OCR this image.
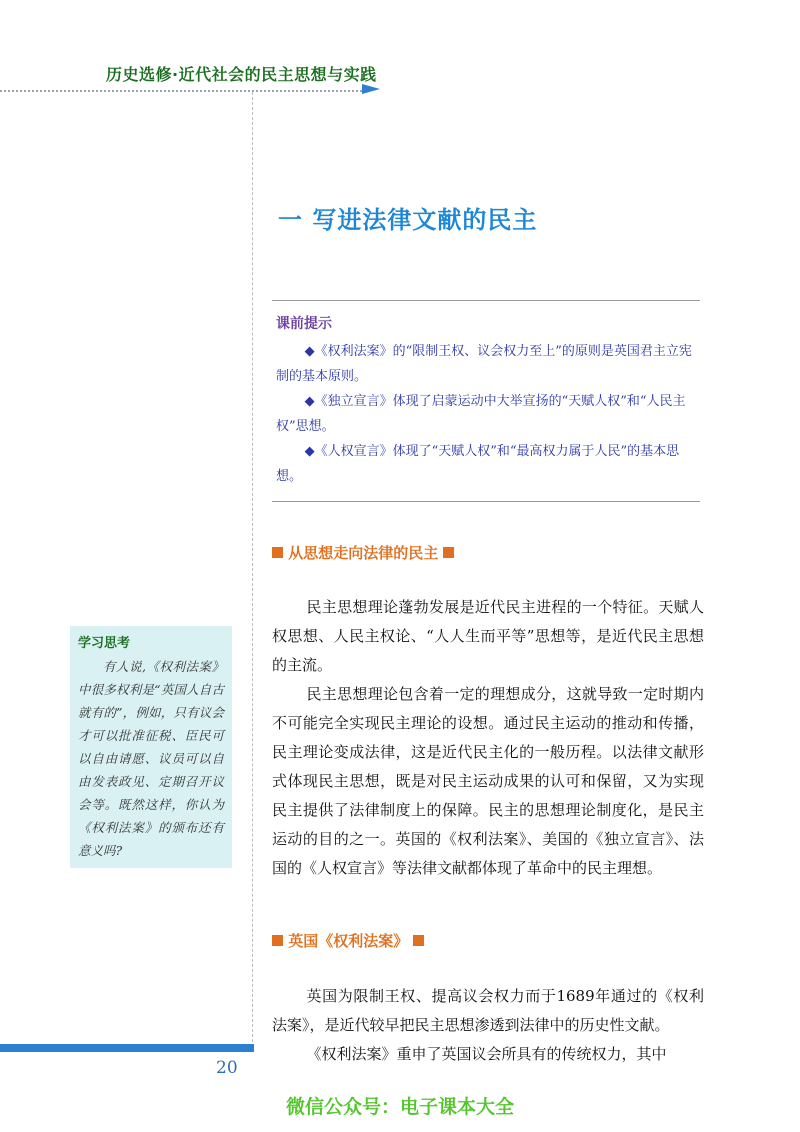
历史选修·近代社会的民主思想与实践
一 写进法律文献的民主
课前提示

◆《权利法案》的“限制王权、议会权力至上”的原则是英国君主立宪制的基本原则。

◆《独立宣言》体现了启蒙运动中大举宣扬的“天赋人权”和“人民主权”思想。

◆《人权宣言》体现了“天赋人权”和“最高权力属于人民”的基本思想。

从思想走向法律的民主

民主思想理论蓬勃发展是近代民主进程的一个特征。天赋人权思想、人民主权论、“人人生而平等”思想等，是近代民主思想的主流。

民主思想理论包含着一定的理想成分，这就导致一定时期内不可能完全实现民主理论的设想。通过民主运动的推动和传播，民主理论变成法律，这是近代民主化的一般历程。以法律文献形式体现民主思想，既是对民主运动成果的认可和保留，又为实现民主提供了法律制度上的保障。民主的思想理论制度化，是民主运动的目的之一。英国的《权利法案》、美国的《独立宣言》、法国的《人权宣言》等法律文献都体现了革命中的民主理想。

学习思考

有人说,《权利法案》中很多权利是“英国人自古就有的”，例如，只有议会才可以批准征税、臣民可以自由请愿、议员可以自由发表政见、定期召开议会等。既然这样，你认为《权利法案》的颁布还有意义吗?

英国《权利法案》

英国为限制王权、提高议会权力而于1689年通过的《权利法案》，是近代较早把民主思想渗透到法律中的历史性文献。

《权利法案》重申了英国议会所具有的传统权力，其中

20
微信公众号：电子课本大全
